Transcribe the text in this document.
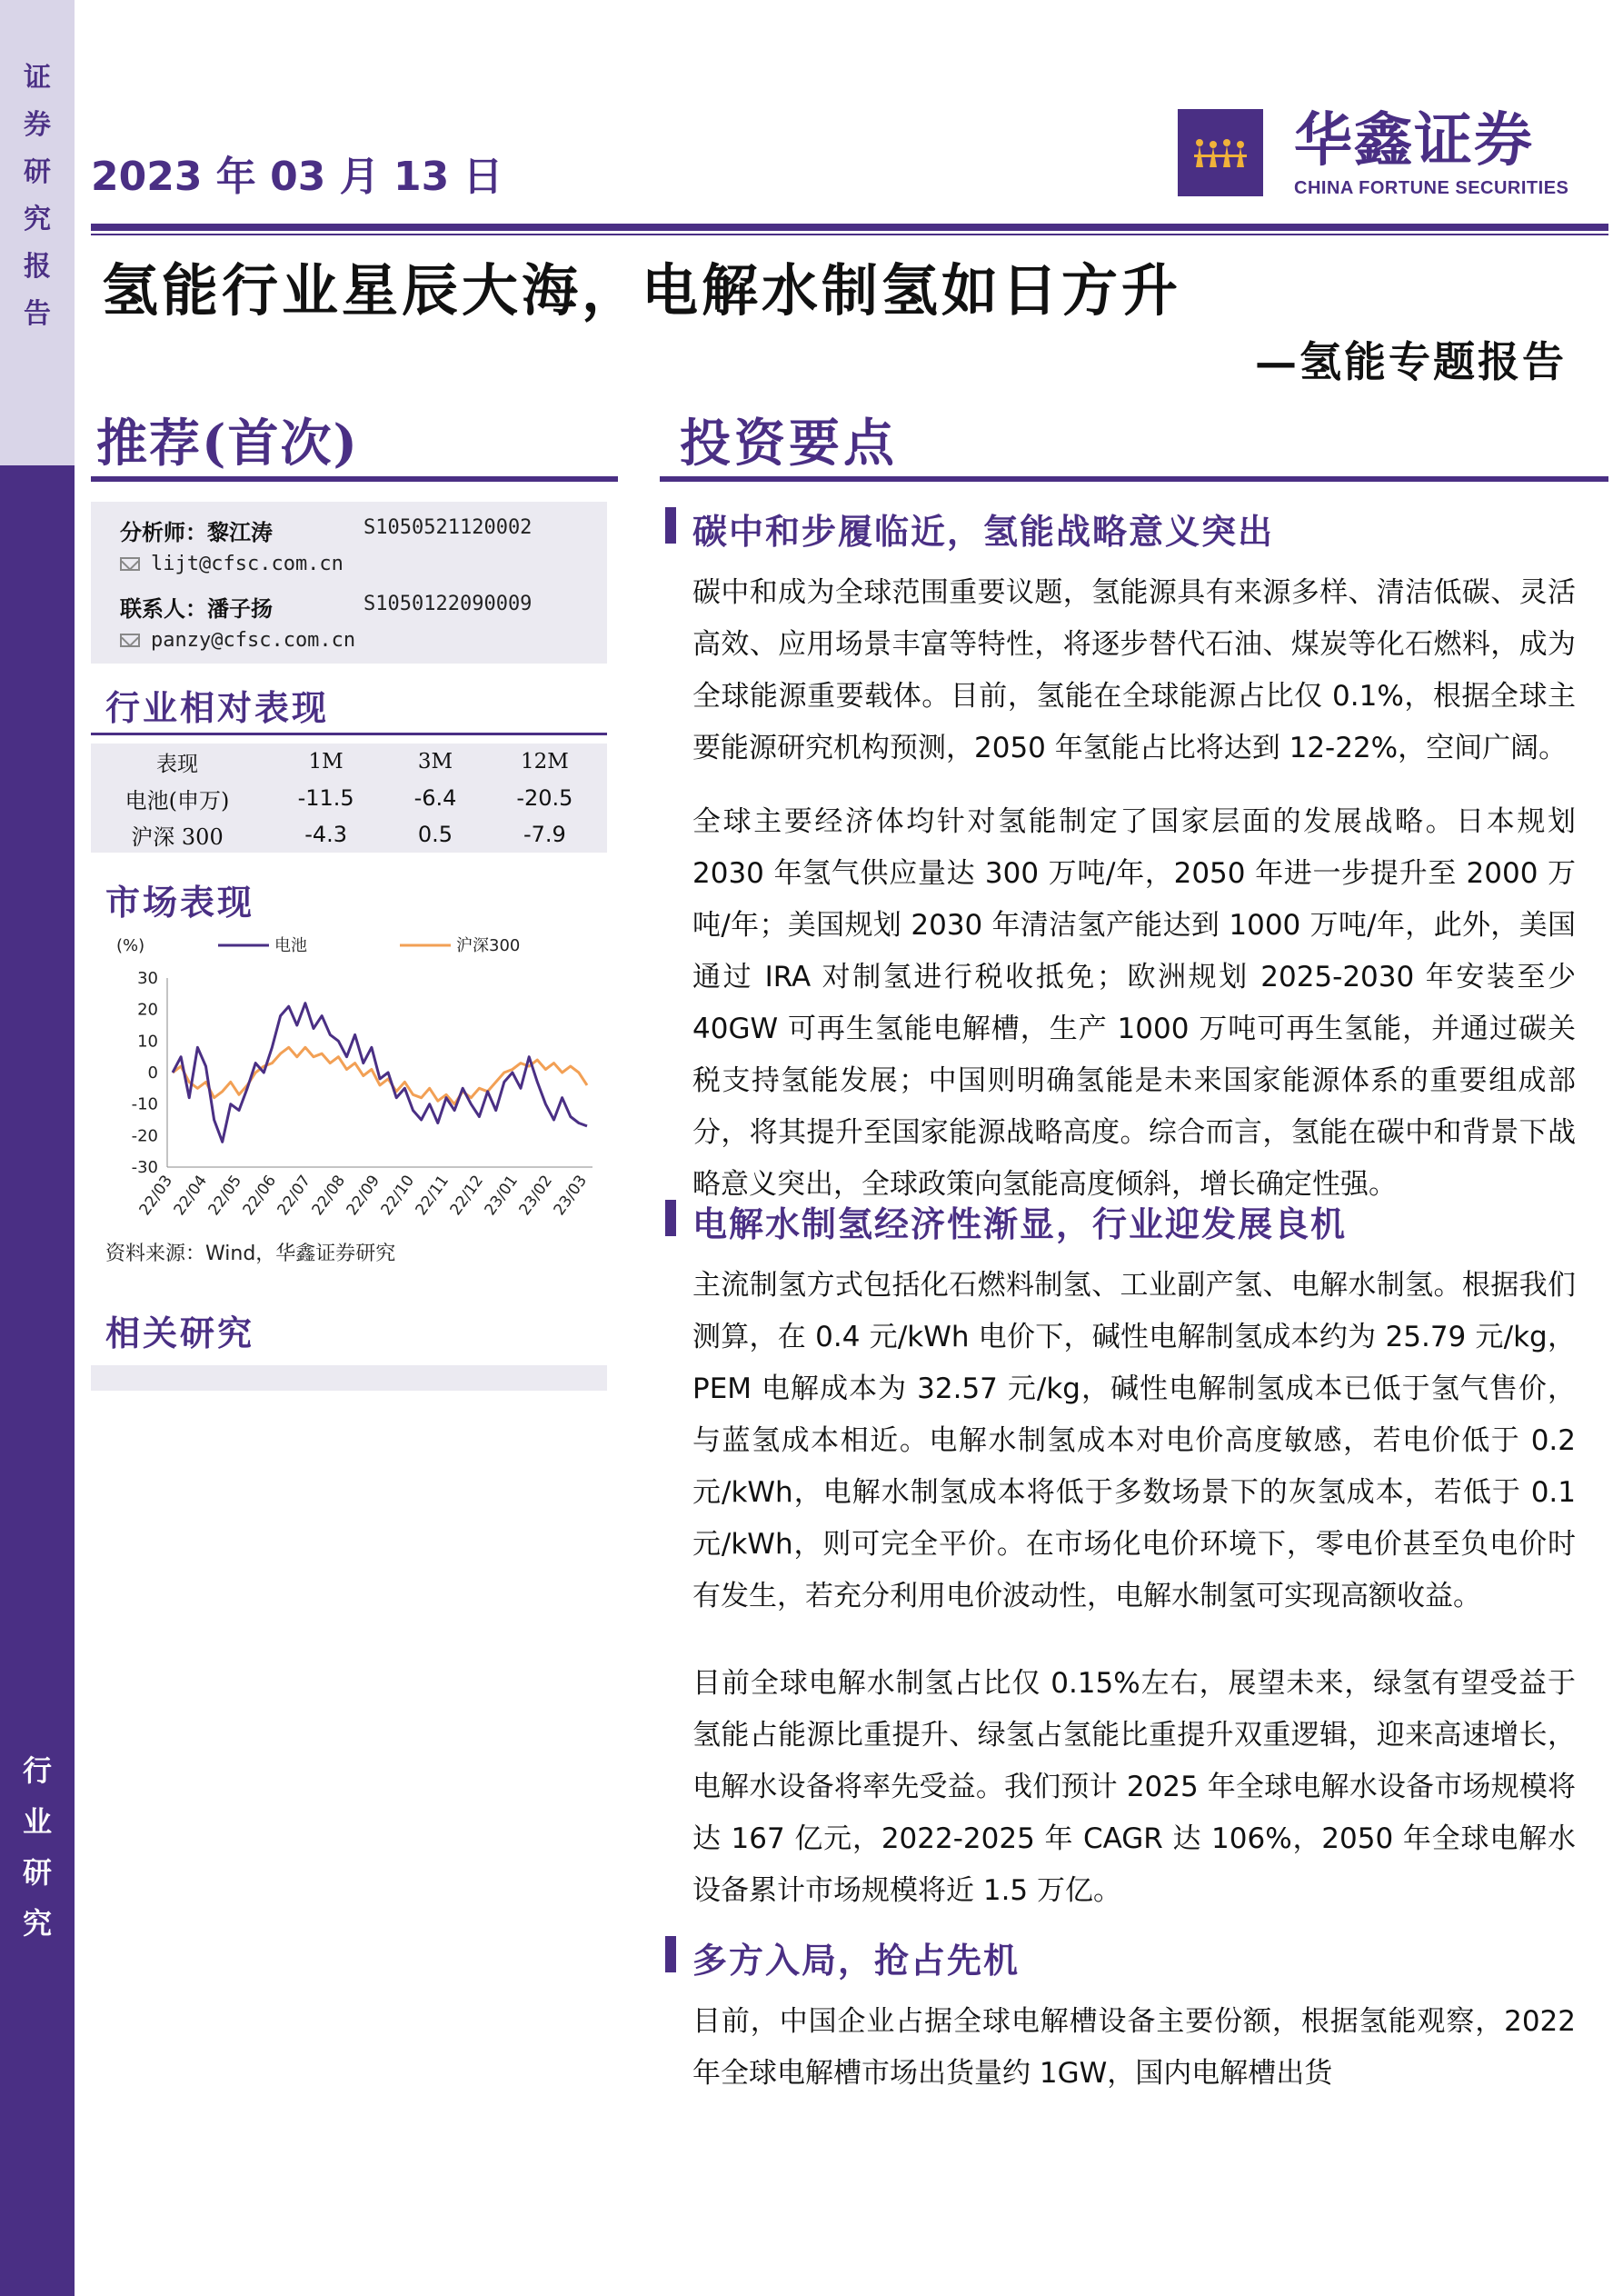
证
券
研
究
报
告
行
业
研
究
2023 年 03 月 13 日
华鑫证券
CHINA FORTUNE SECURITIES
氢能行业星辰大海，电解水制氢如日方升
—氢能专题报告
推荐(首次)
分析师：黎江涛	S1050521120002
lijt@cfsc.com.cn
联系人：潘子扬	S1050122090009
panzy@cfsc.com.cn
行业相对表现
表现	1M	3M	12M
电池(申万)	-11.5	-6.4	-20.5
沪深 300	-4.3	0.5	-7.9
市场表现
(%)	电池	沪深300
30
20
10
0
-10
-20
-30
22/03
22/04
22/05
22/06
22/07
22/08
22/09
22/10
22/11
22/12
23/01
23/02
23/03
资料来源：Wind，华鑫证券研究
相关研究
投资要点
碳中和步履临近，氢能战略意义突出
碳中和成为全球范围重要议题，氢能源具有来源多样、清洁低碳、灵活高效、应用场景丰富等特性，将逐步替代石油、煤炭等化石燃料，成为全球能源重要载体。目前，氢能在全球能源占比仅 0.1%，根据全球主要能源研究机构预测，2050 年氢能占比将达到 12-22%，空间广阔。
全球主要经济体均针对氢能制定了国家层面的发展战略。日本规划 2030 年氢气供应量达 300 万吨/年，2050 年进一步提升至 2000 万吨/年；美国规划 2030 年清洁氢产能达到 1000 万吨/年，此外，美国通过 IRA 对制氢进行税收抵免；欧洲规划 2025-2030 年安装至少 40GW 可再生氢能电解槽，生产 1000 万吨可再生氢能，并通过碳关税支持氢能发展；中国则明确氢能是未来国家能源体系的重要组成部分，将其提升至国家能源战略高度。综合而言，氢能在碳中和背景下战略意义突出，全球政策向氢能高度倾斜，增长确定性强。
电解水制氢经济性渐显，行业迎发展良机
主流制氢方式包括化石燃料制氢、工业副产氢、电解水制氢。根据我们测算，在 0.4 元/kWh 电价下，碱性电解制氢成本约为 25.79 元/kg，PEM 电解成本为 32.57 元/kg，碱性电解制氢成本已低于氢气售价，与蓝氢成本相近。电解水制氢成本对电价高度敏感，若电价低于 0.2 元/kWh，电解水制氢成本将低于多数场景下的灰氢成本，若低于 0.1 元/kWh，则可完全平价。在市场化电价环境下，零电价甚至负电价时有发生，若充分利用电价波动性，电解水制氢可实现高额收益。
目前全球电解水制氢占比仅 0.15%左右，展望未来，绿氢有望受益于氢能占能源比重提升、绿氢占氢能比重提升双重逻辑，迎来高速增长，电解水设备将率先受益。我们预计 2025 年全球电解水设备市场规模将达 167 亿元，2022-2025 年 CAGR 达 106%，2050 年全球电解水设备累计市场规模将近 1.5 万亿。
多方入局，抢占先机
目前，中国企业占据全球电解槽设备主要份额，根据氢能观察，2022 年全球电解槽市场出货量约 1GW，国内电解槽出货
